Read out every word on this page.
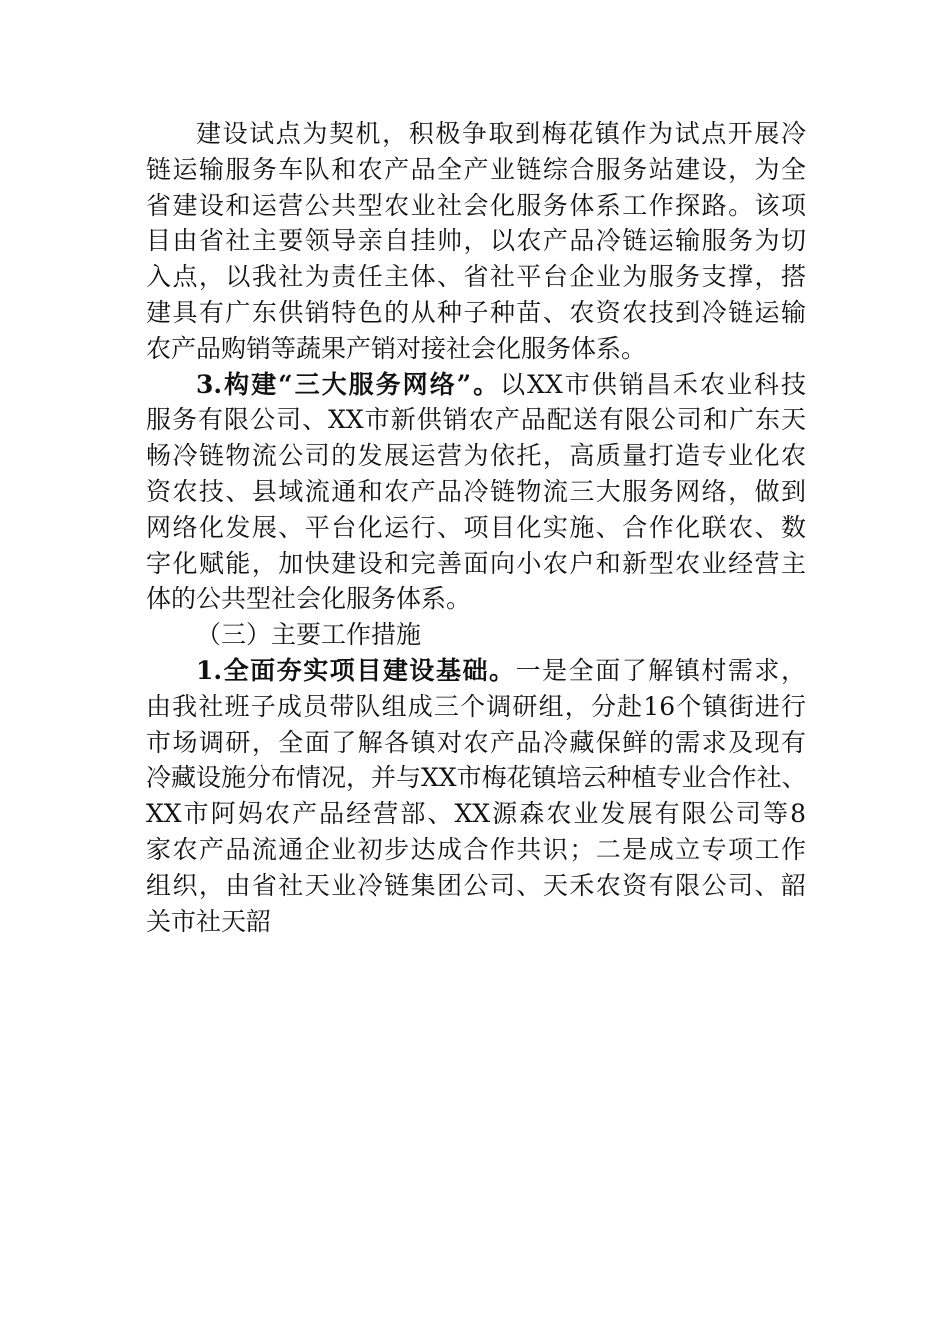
建设试点为契机，积极争取到梅花镇作为试点开展冷
链运输服务车队和农产品全产业链综合服务站建设，为全
省建设和运营公共型农业社会化服务体系工作探路。该项
目由省社主要领导亲自挂帅，以农产品冷链运输服务为切
入点，以我社为责任主体、省社平台企业为服务支撑，搭
建具有广东供销特色的从种子种苗、农资农技到冷链运输
农产品购销等蔬果产销对接社会化服务体系。
3.构建“三大服务网络”。以XX市供销昌禾农业科技
服务有限公司、XX市新供销农产品配送有限公司和广东天
畅冷链物流公司的发展运营为依托，高质量打造专业化农
资农技、县域流通和农产品冷链物流三大服务网络，做到
网络化发展、平台化运行、项目化实施、合作化联农、数
字化赋能，加快建设和完善面向小农户和新型农业经营主
体的公共型社会化服务体系。
（三）主要工作措施
1.全面夯实项目建设基础。一是全面了解镇村需求，
由我社班子成员带队组成三个调研组，分赴16个镇街进行
市场调研，全面了解各镇对农产品冷藏保鲜的需求及现有
冷藏设施分布情况，并与XX市梅花镇培云种植专业合作社、
XX市阿妈农产品经营部、XX源森农业发展有限公司等8
家农产品流通企业初步达成合作共识；二是成立专项工作
组织，由省社天业冷链集团公司、天禾农资有限公司、韶
关市社天韶
